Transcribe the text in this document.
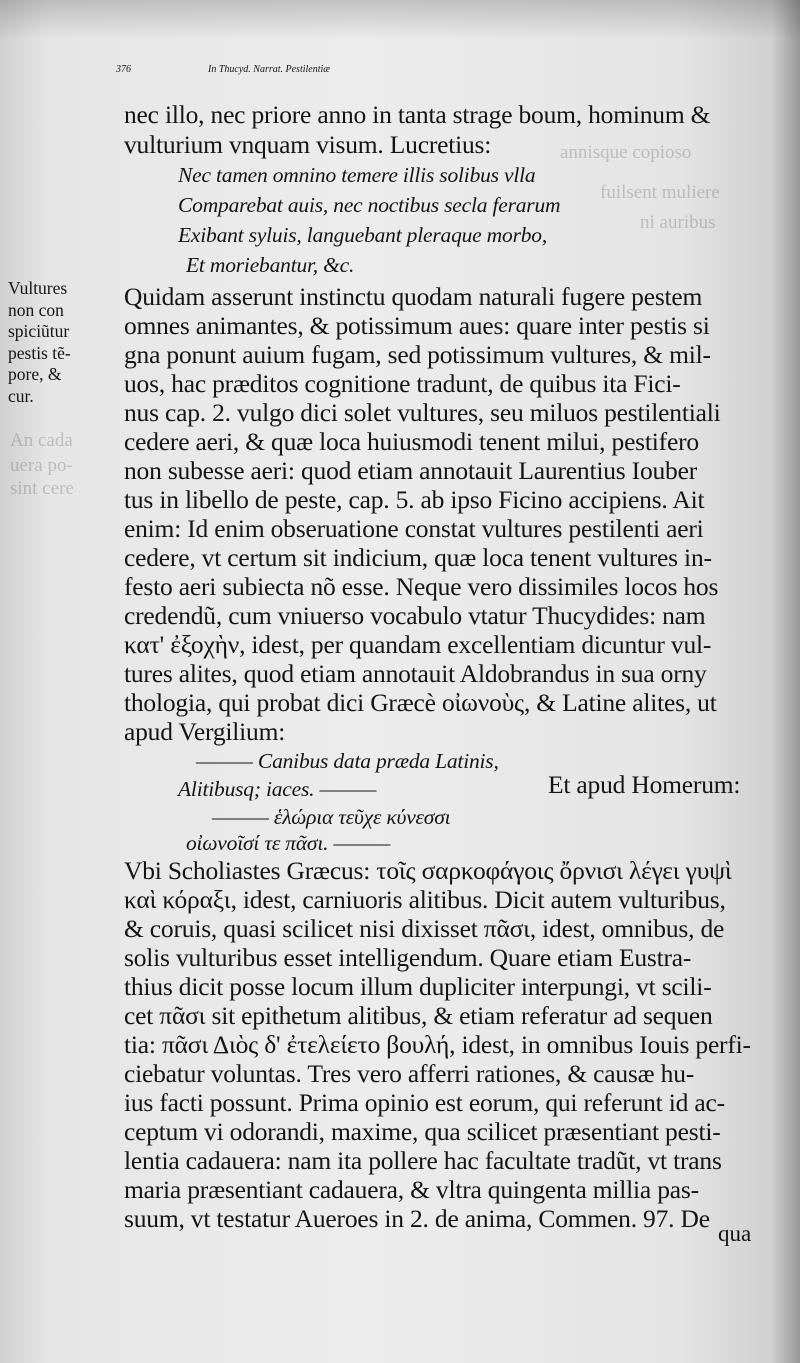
annisque copioso
fuilsent muliere
ni auribus
An cada
uera po-
sint cere
376	In Thucyd. Narrat. Pestilentiæ
Vultures
non con
spiciũtur
pestis tẽ-
pore, &
cur.
nec illo, nec priore anno in tanta strage boum, hominum &
vulturium vnquam visum. Lucretius:
Nec tamen omnino temere illis solibus vlla
Comparebat auis, nec noctibus secla ferarum
Exibant syluis, languebant pleraque morbo,
Et moriebantur, &c.
Quidam asserunt instinctu quodam naturali fugere pestem
omnes animantes, & potissimum aues: quare inter pestis si
gna ponunt auium fugam, sed potissimum vultures, & mil-
uos, hac præditos cognitione tradunt, de quibus ita Fici-
nus cap. 2. vulgo dici solet vultures, seu miluos pestilentiali
cedere aeri, & quæ loca huiusmodi tenent milui, pestifero
non subesse aeri: quod etiam annotauit Laurentius Iouber
tus in libello de peste, cap. 5. ab ipso Ficino accipiens. Ait
enim: Id enim obseruatione constat vultures pestilenti aeri
cedere, vt certum sit indicium, quæ loca tenent vultures in-
festo aeri subiecta nõ esse. Neque vero dissimiles locos hos
credendũ, cum vniuerso vocabulo vtatur Thucydides: nam
κατ' ἐξοχὴν, idest, per quandam excellentiam dicuntur vul-
tures alites, quod etiam annotauit Aldobrandus in sua orny
thologia, qui probat dici Græcè οἰωνοὺς, & Latine alites, ut
apud Vergilium:
——— Canibus data præda Latinis,
Alitibusq; iaces. ———	Et apud Homerum:
——— ἑλώρια τεῦχε κύνεσσι
οἰωνοῖσί τε πᾶσι. ———
Vbi Scholiastes Græcus: τοῖς σαρκοφάγοις ὄρνισι λέγει γυψὶ
καὶ κόραξι, idest, carniuoris alitibus. Dicit autem vulturibus,
& coruis, quasi scilicet nisi dixisset πᾶσι, idest, omnibus, de
solis vulturibus esset intelligendum. Quare etiam Eustra-
thius dicit posse locum illum dupliciter interpungi, vt scili-
cet πᾶσι sit epithetum alitibus, & etiam referatur ad sequen
tia: πᾶσι Διὸς δ' ἐτελείετο βουλή, idest, in omnibus Iouis perfi-
ciebatur voluntas. Tres vero afferri rationes, & causæ hu-
ius facti possunt. Prima opinio est eorum, qui referunt id ac-
ceptum vi odorandi, maxime, qua scilicet præsentiant pesti-
lentia cadauera: nam ita pollere hac facultate tradũt, vt trans
maria præsentiant cadauera, & vltra quingenta millia pas-
suum, vt testatur Aueroes in 2. de anima, Commen. 97. De
qua
